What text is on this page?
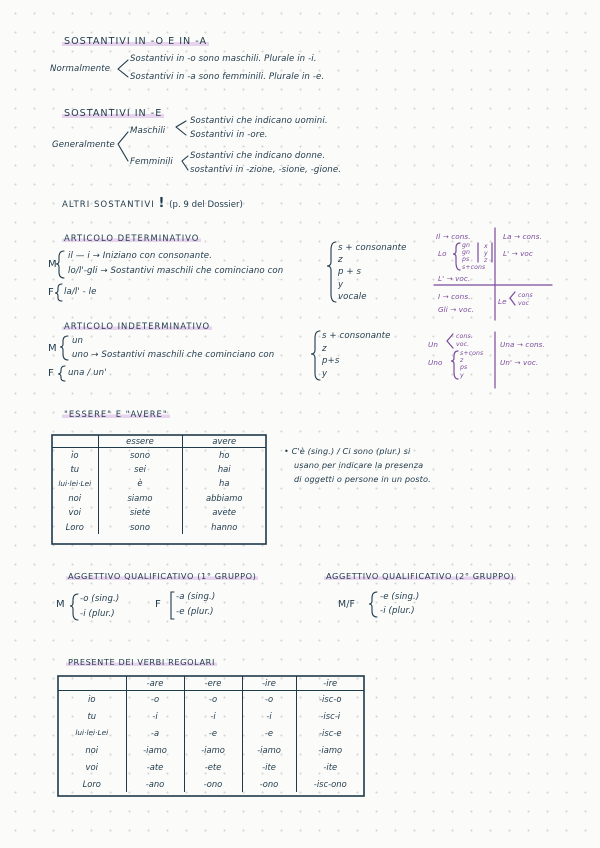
SOSTANTIVI IN -O E IN -A
Normalmente
Sostantivi in -o sono maschili. Plurale in -i.
Sostantivi in -a sono femminili. Plurale in -e.
SOSTANTIVI IN -E
Generalmente
Maschili
Femminili
Sostantivi che indicano uomini.
Sostantivi in -ore.
Sostantivi che indicano donne.
sostantivi in -zione, -sione, -gione.
ALTRI SOSTANTIVI ! (p. 9 del Dossier)
ARTICOLO DETERMINATIVO
M
F
il — i → Iniziano con consonante.
lo/l'-gli → Sostantivi maschili che cominciano con
la/l' - le
s + consonante
z
p + s
y
vocale
ARTICOLO INDETERMINATIVO
M
F
un
uno → Sostantivi maschili che cominciano con
una / un'
s + consonante
z
p+s
y
Il → cons.
Lo
gn
gn
ps
s+cons
x
y
z
L' → voc.
La → cons.
L' → voc
I → cons.
Gli → voc.
Le
cons
voc
Un
cons.
voc.
Uno
s+cons
z
ps
y
Una → cons.
Un' → voc.
"ESSERE" E "AVERE"
	essere	avere
io	sono	ho
tu	sei	hai
lui·lei·Lei	è	ha
noi	siamo	abbiamo
voi	siete	avete
Loro	sono	hanno
• C'è (sing.) / Ci sono (plur.) si
usano per indicare la presenza
di oggetti o persone in un posto.
AGGETTIVO QUALIFICATIVO (1° GRUPPO)
M -o (sing.)
-i (plur.)
F
-a (sing.)
-e (plur.)
AGGETTIVO QUALIFICATIVO (2° GRUPPO)
M/F
-e (sing.)
-i (plur.)
PRESENTE DEI VERBI REGOLARI
	-are	-ere	-ire	-ire
io	-o	-o	-o	-isc-o
tu	-i	-i	-i	-isc-i
lui·lei·Lei	-a	-e	-e	-isc-e
noi	-iamo	-iamo	-iamo	-iamo
voi	-ate	-ete	-ite	-ite
Loro	-ano	-ono	-ono	-isc-ono
